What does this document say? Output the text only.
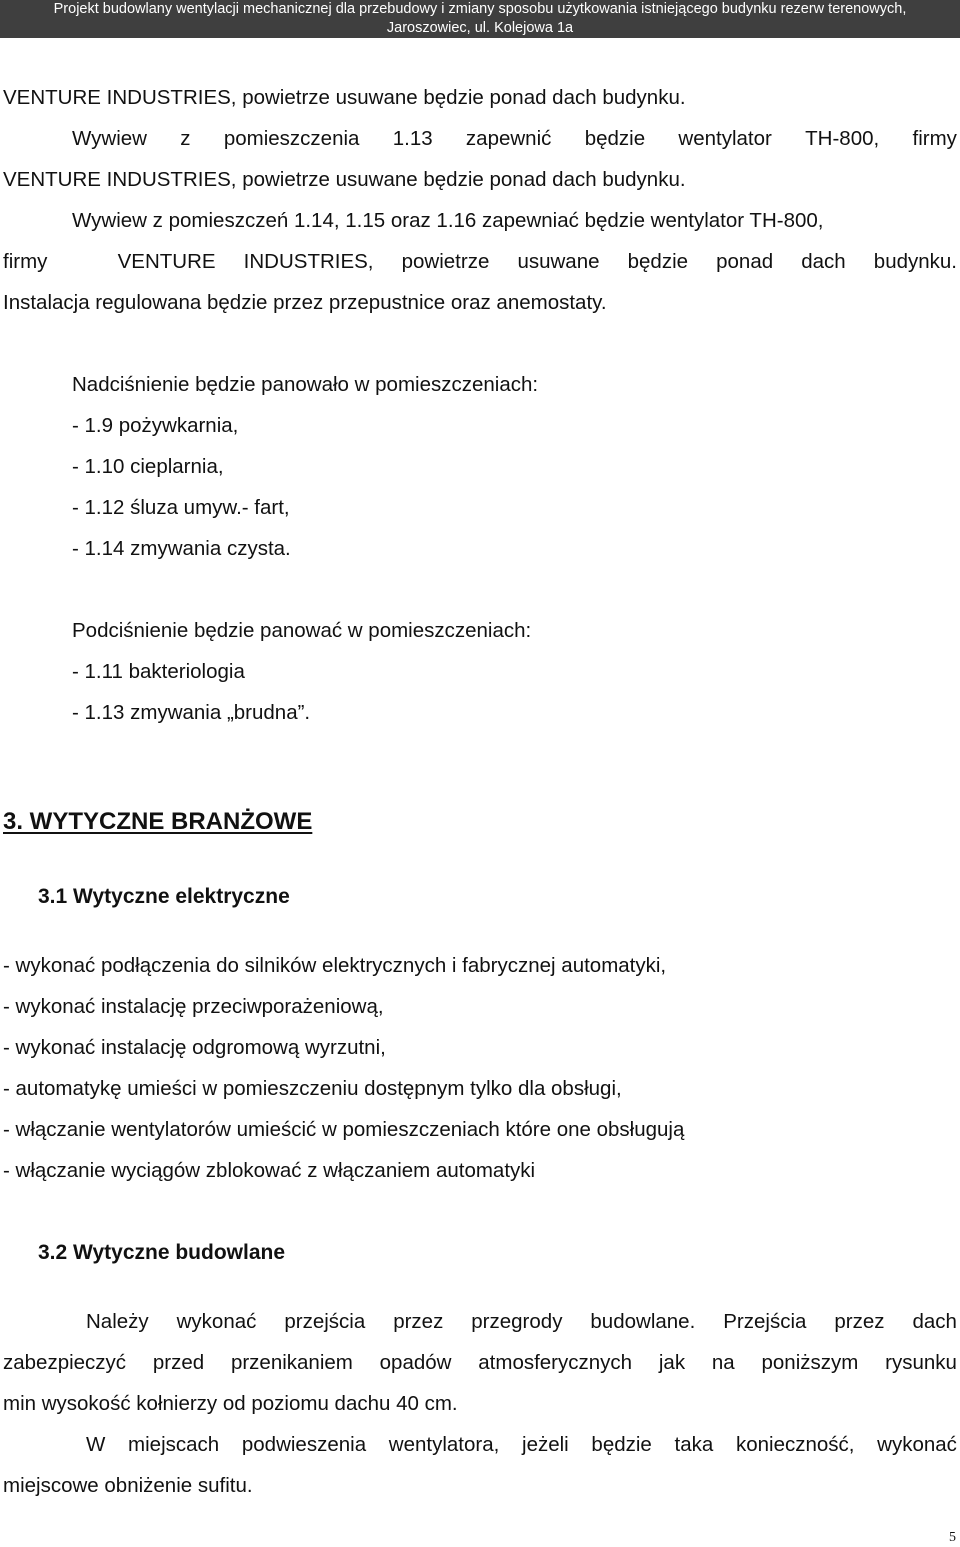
Projekt budowlany wentylacji mechanicznej dla przebudowy i zmiany sposobu użytkowania istniejącego budynku rezerw terenowych,
Jaroszowiec, ul. Kolejowa 1a
VENTURE INDUSTRIES, powietrze usuwane będzie ponad dach budynku.
Wywiew z pomieszczenia 1.13 zapewnić będzie wentylator TH-800, firmy
VENTURE INDUSTRIES, powietrze usuwane będzie ponad dach budynku.
Wywiew z pomieszczeń 1.14, 1.15 oraz 1.16 zapewniać będzie wentylator TH-800,
firmy	VENTURE INDUSTRIES, powietrze usuwane będzie ponad dach budynku.
Instalacja regulowana będzie przez przepustnice oraz anemostaty.
Nadciśnienie będzie panowało w pomieszczeniach:
- 1.9 pożywkarnia,
- 1.10 cieplarnia,
- 1.12 śluza umyw.- fart,
- 1.14 zmywania czysta.
Podciśnienie będzie panować w pomieszczeniach:
- 1.11 bakteriologia
- 1.13 zmywania „brudna”.
3. WYTYCZNE BRANŻOWE
3.1 Wytyczne elektryczne
- wykonać podłączenia do silników elektrycznych i fabrycznej automatyki,
- wykonać instalację przeciwporażeniową,
- wykonać instalację odgromową wyrzutni,
- automatykę umieści w pomieszczeniu dostępnym tylko dla obsługi,
- włączanie wentylatorów umieścić w pomieszczeniach które one obsługują
- włączanie wyciągów zblokować z włączaniem automatyki
3.2 Wytyczne budowlane
Należy wykonać przejścia przez przegrody budowlane. Przejścia przez dach
zabezpieczyć przed przenikaniem opadów atmosferycznych jak na poniższym rysunku
min wysokość kołnierzy od poziomu dachu 40 cm.
W miejscach podwieszenia wentylatora, jeżeli będzie taka konieczność, wykonać
miejscowe obniżenie sufitu.
5
